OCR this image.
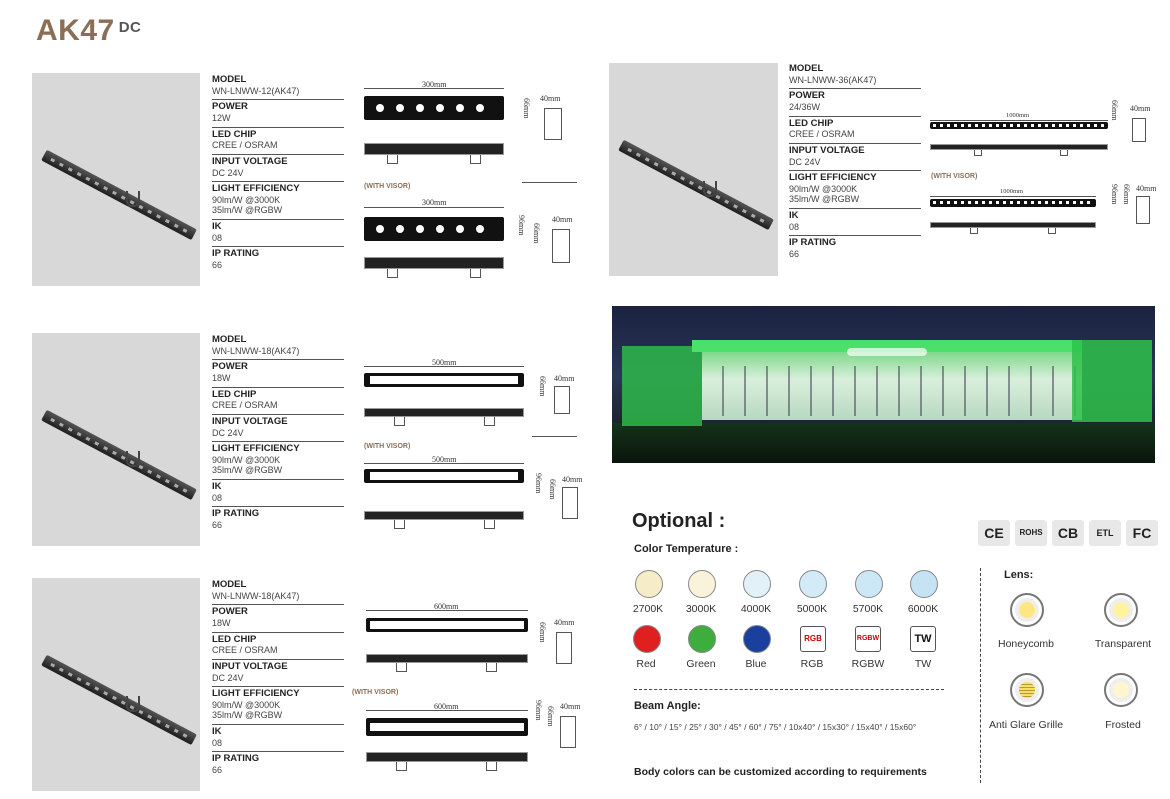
AK47 $^{DC}$
MODEL
WN-LNWW-12(AK47)
POWER
12W
LED CHIP
CREE / OSRAM
INPUT VOLTAGE
DC 24V
LIGHT EFFICIENCY
90lm/W @3000K
35lm/W @RGBW
IK
08
IP RATING
66
300mm
40mm
66mm
(WITH VISOR)
300mm
40mm
96mm 66mm
MODEL
WN-LNWW-18(AK47)
POWER
18W
LED CHIP
CREE / OSRAM
INPUT VOLTAGE
DC 24V
LIGHT EFFICIENCY
90lm/W @3000K
35lm/W @RGBW
IK
08
IP RATING
66
500mm
40mm
66mm
(WITH VISOR)
500mm
40mm
96mm 66mm
MODEL
WN-LNWW-18(AK47)
POWER
18W
LED CHIP
CREE / OSRAM
INPUT VOLTAGE
DC 24V
LIGHT EFFICIENCY
90lm/W @3000K
35lm/W @RGBW
IK
08
IP RATING
66
600mm
40mm
66mm
(WITH VISOR)
600mm	40mm
96mm 66mm
MODEL
WN-LNWW-36(AK47)
POWER
24/36W
LED CHIP
CREE / OSRAM
INPUT VOLTAGE
DC 24V
LIGHT EFFICIENCY
90lm/W @3000K
35lm/W @RGBW
IK
08
IP RATING
66
1000mm
40mm
66mm
(WITH VISOR)
1000mm	40mm
96mm 66mm
Optional :
Color Temperature :
2700K	3000K	4000K	5000K	5700K	6000K
Red	Green	Blue
RGB
RGB
RGBW
RGBW
TW
TW
Beam Angle:
6° / 10° / 15° / 25° / 30° / 45° / 60° / 75° / 10x40° / 15x30° / 15x40° / 15x60°
Body colors can be customized according to requirements
CE	ROHS	CB	ETL	FC
Lens:
Honeycomb	Transparent
Anti Glare Grille	Frosted
